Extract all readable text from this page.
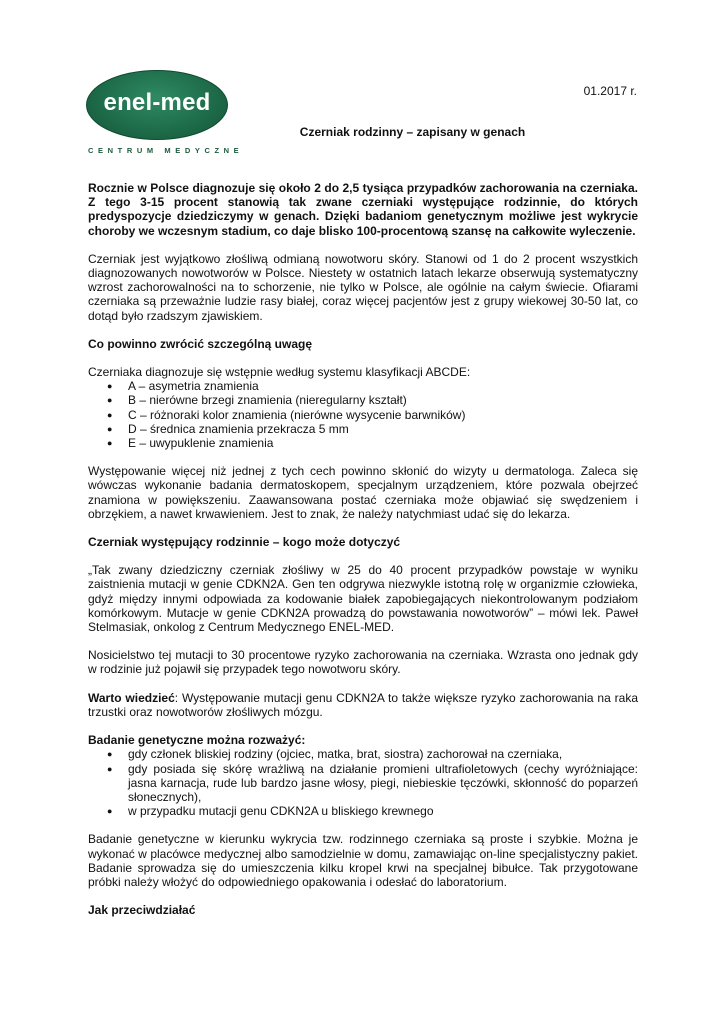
enel-med
CENTRUM MEDYCZNE
01.2017 r.
Czerniak rodzinny – zapisany w genach

Rocznie w Polsce diagnozuje się około 2 do 2,5 tysiąca przypadków zachorowania na czerniaka. Z tego 3-15 procent stanowią tak zwane czerniaki występujące rodzinnie, do których predyspozycje dziedziczymy w genach. Dzięki badaniom genetycznym możliwe jest wykrycie choroby we wczesnym stadium, co daje blisko 100-procentową szansę na całkowite wyleczenie.

Czerniak jest wyjątkowo złośliwą odmianą nowotworu skóry. Stanowi od 1 do 2 procent wszystkich diagnozowanych nowotworów w Polsce. Niestety w ostatnich latach lekarze obserwują systematyczny wzrost zachorowalności na to schorzenie, nie tylko w Polsce, ale ogólnie na całym świecie. Ofiarami czerniaka są przeważnie ludzie rasy białej, coraz więcej pacjentów jest z grupy wiekowej 30-50 lat, co dotąd było rzadszym zjawiskiem.

Co powinno zwrócić szczególną uwagę

Czerniaka diagnozuje się wstępnie według systemu klasyfikacji ABCDE:

● A – asymetria znamienia
● B – nierówne brzegi znamienia (nieregularny kształt)
● C – różnoraki kolor znamienia (nierówne wysycenie barwników)
● D – średnica znamienia przekracza 5 mm
● E – uwypuklenie znamienia

Występowanie więcej niż jednej z tych cech powinno skłonić do wizyty u dermatologa. Zaleca się wówczas wykonanie badania dermatoskopem, specjalnym urządzeniem, które pozwala obejrzeć znamiona w powiększeniu. Zaawansowana postać czerniaka może objawiać się swędzeniem i obrzękiem, a nawet krwawieniem. Jest to znak, że należy natychmiast udać się do lekarza.

Czerniak występujący rodzinnie – kogo może dotyczyć

„Tak zwany dziedziczny czerniak złośliwy w 25 do 40 procent przypadków powstaje w wyniku zaistnienia mutacji w genie CDKN2A. Gen ten odgrywa niezwykle istotną rolę w organizmie człowieka, gdyż między innymi odpowiada za kodowanie białek zapobiegających niekontrolowanym podziałom komórkowym. Mutacje w genie CDKN2A prowadzą do powstawania nowotworów” – mówi lek. Paweł Stelmasiak, onkolog z Centrum Medycznego ENEL-MED.

Nosicielstwo tej mutacji to 30 procentowe ryzyko zachorowania na czerniaka. Wzrasta ono jednak gdy w rodzinie już pojawił się przypadek tego nowotworu skóry.

Warto wiedzieć: Występowanie mutacji genu CDKN2A to także większe ryzyko zachorowania na raka trzustki oraz nowotworów złośliwych mózgu.

Badanie genetyczne można rozważyć:
● gdy członek bliskiej rodziny (ojciec, matka, brat, siostra) zachorował na czerniaka,
● gdy posiada się skórę wrażliwą na działanie promieni ultrafioletowych (cechy wyróżniające: jasna karnacja, rude lub bardzo jasne włosy, piegi, niebieskie tęczówki, skłonność do poparzeń słonecznych),
● w przypadku mutacji genu CDKN2A u bliskiego krewnego

Badanie genetyczne w kierunku wykrycia tzw. rodzinnego czerniaka są proste i szybkie. Można je wykonać w placówce medycznej albo samodzielnie w domu, zamawiając on-line specjalistyczny pakiet. Badanie sprowadza się do umieszczenia kilku kropel krwi na specjalnej bibułce. Tak przygotowane próbki należy włożyć do odpowiedniego opakowania i odesłać do laboratorium.

Jak przeciwdziałać
